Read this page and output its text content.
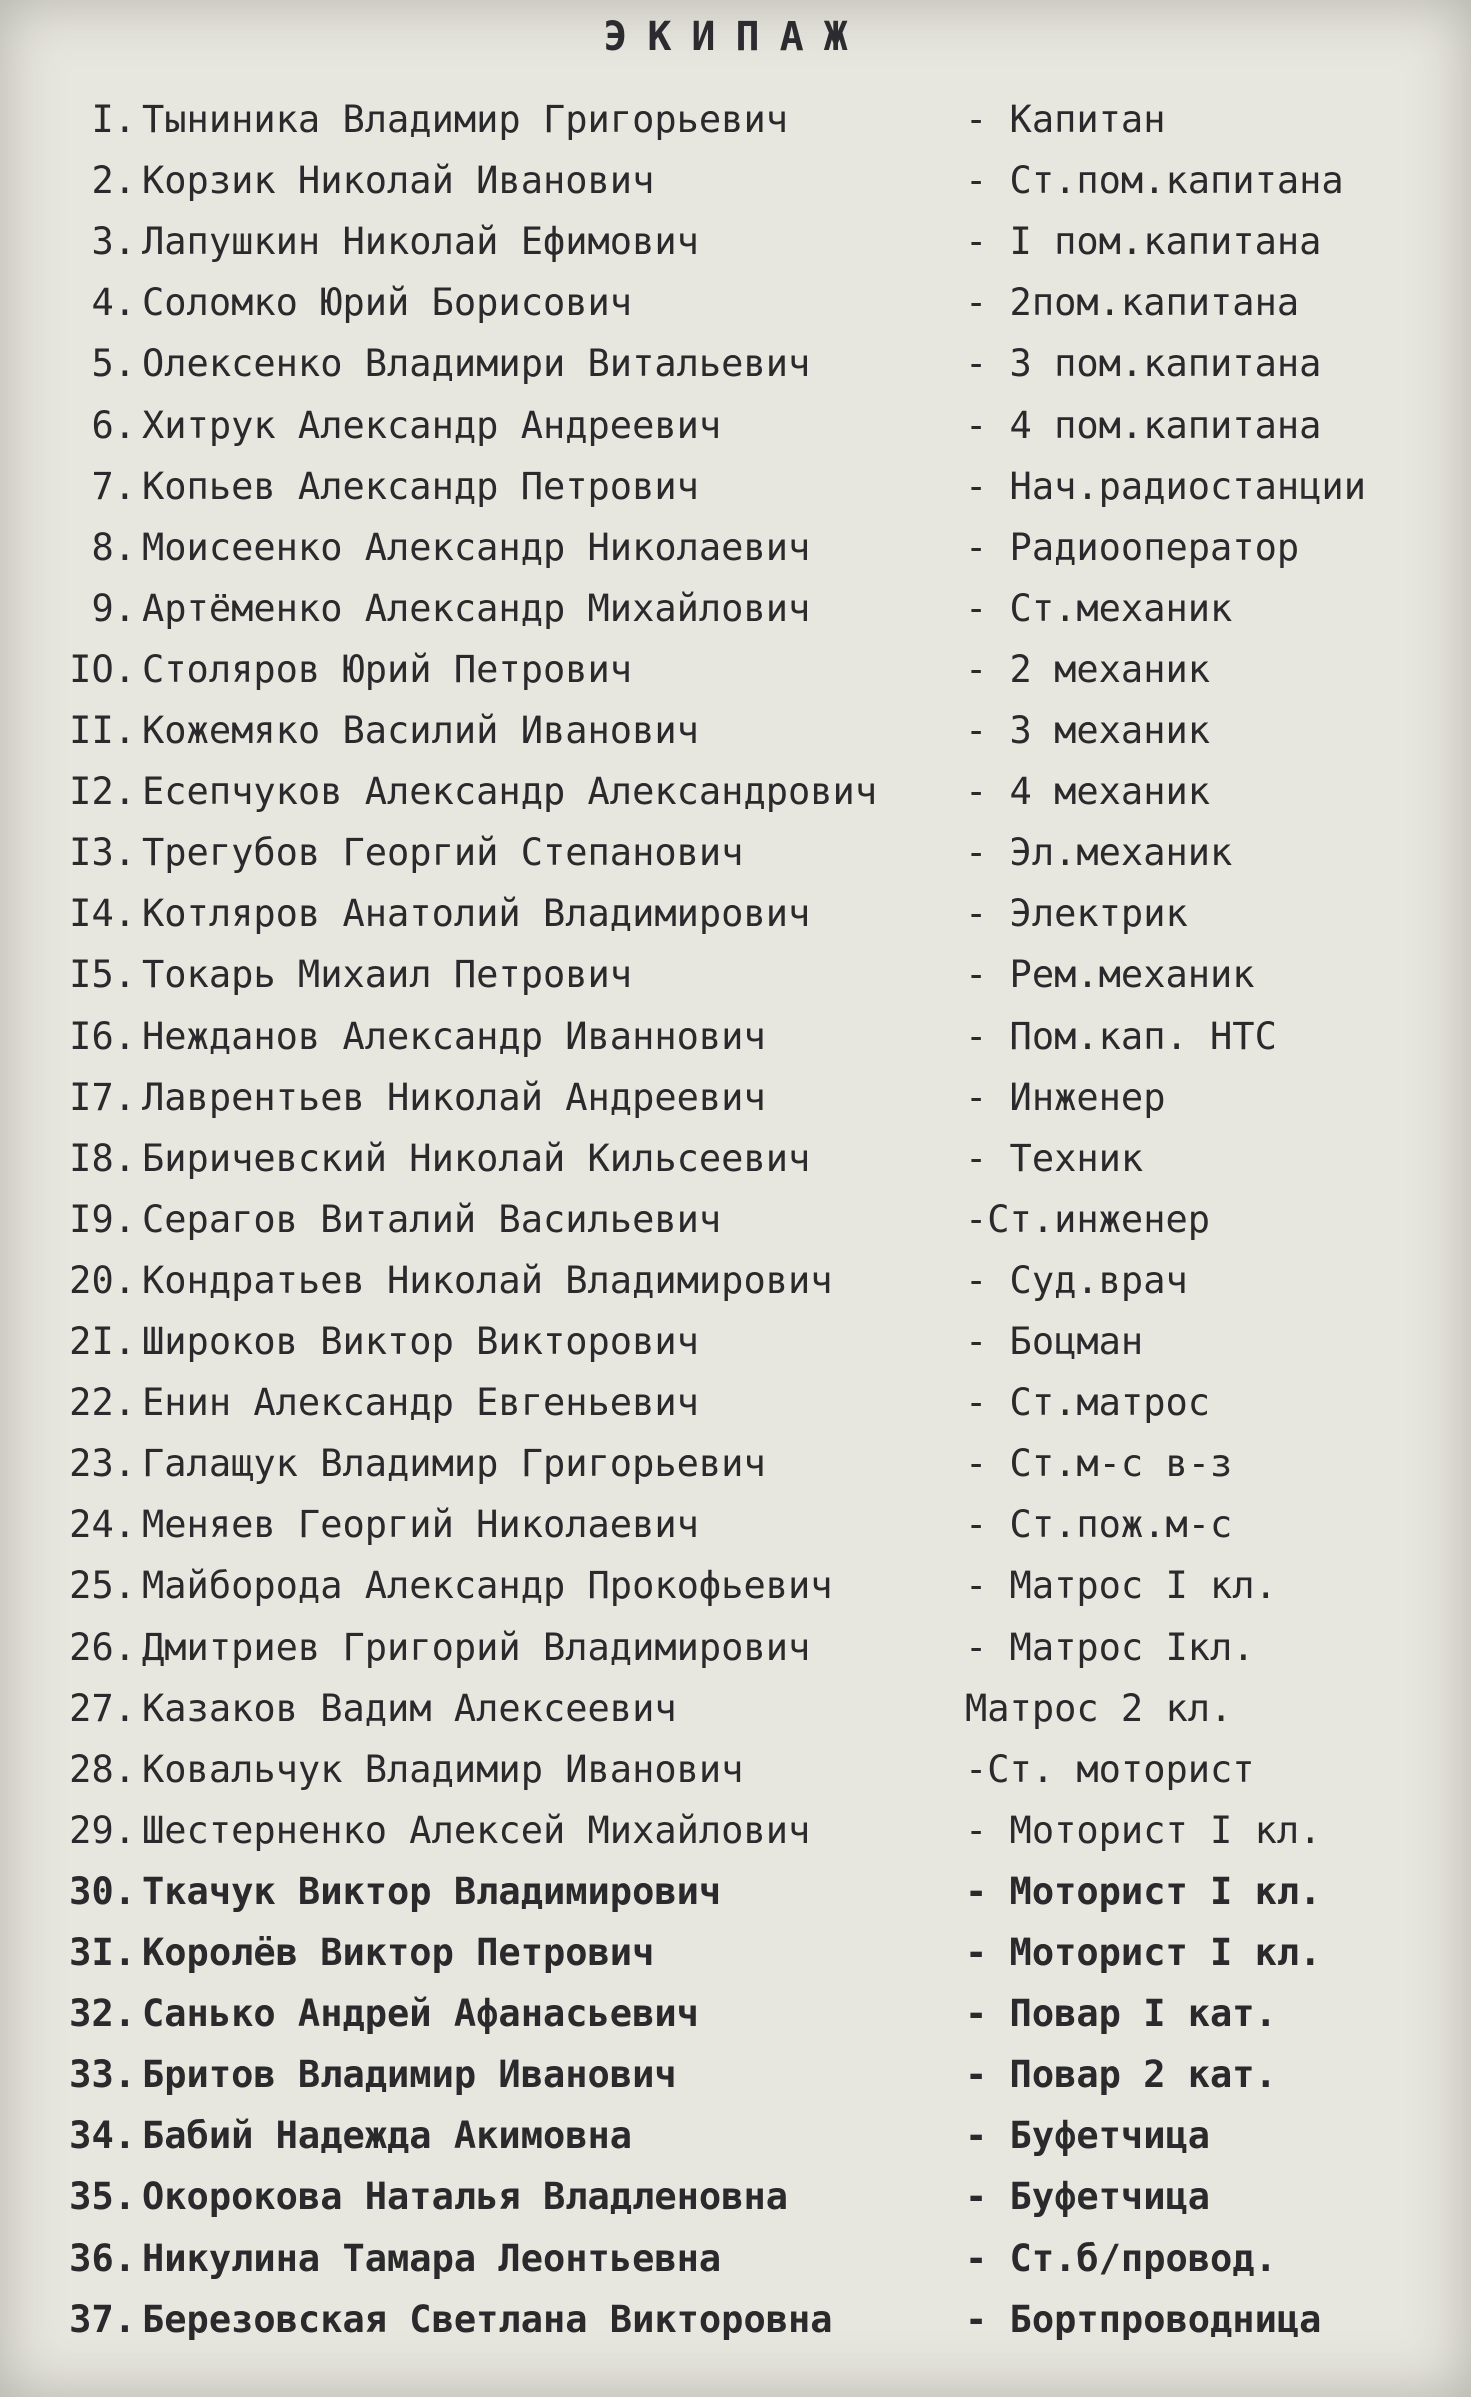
ЭКИПАЖ
I. Тыниника Владимир Григорьевич	- Капитан
2. Корзик Николай Иванович	- Ст.пом.капитана
3. Лапушкин Николай Ефимович	- I пом.капитана
4. Соломко Юрий Борисович	- 2пом.капитана
5. Олексенко Владимири Витальевич	- 3 пом.капитана
6. Хитрук Александр Андреевич	- 4 пом.капитана
7. Копьев Александр Петрович	- Нач.радиостанции
8. Моисеенко Александр Николаевич	- Радиооператор
9. Артёменко Александр Михайлович	- Ст.механик
IO. Столяров Юрий Петрович	- 2 механик
II. Кожемяко Василий Иванович	- 3 механик
I2. Есепчуков Александр Александрович - 4 механик
I3. Трегубов Георгий Степанович	- Эл.механик
I4. Котляров Анатолий Владимирович	- Электрик
I5. Токарь Михаил Петрович	- Рем.механик
I6. Нежданов Александр Иваннович	- Пом.кап. НТС
I7. Лаврентьев Николай Андреевич	- Инженер
I8. Биричевский Николай Кильсеевич	- Техник
I9. Серагов Виталий Васильевич	-Ст.инженер
20. Кондратьев Николай Владимирович	- Суд.врач
2I. Широков Виктор Викторович	- Боцман
22. Енин Александр Евгеньевич	- Ст.матрос
23. Галащук Владимир Григорьевич	- Ст.м-с в-з
24. Меняев Георгий Николаевич	- Ст.пож.м-с
25. Майборода Александр Прокофьевич	- Матрос I кл.
26. Дмитриев Григорий Владимирович	- Матрос Iкл.
27. Казаков Вадим Алексеевич	Матрос 2 кл.
28. Ковальчук Владимир Иванович	-Ст. моторист
29. Шестерненко Алексей Михайлович	- Моторист I кл.
30. Ткачук Виктор Владимирович	- Моторист I кл.
3I. Королёв Виктор Петрович	- Моторист I кл.
32. Санько Андрей Афанасьевич	- Повар I кат.
33. Бритов Владимир Иванович	- Повар 2 кат.
34. Бабий Надежда Акимовна	- Буфетчица
35. Окорокова Наталья Владленовна	- Буфетчица
36. Никулина Тамара Леонтьевна	- Ст.б/провод.
37. Березовская Светлана Викторовна	- Бортпроводница
